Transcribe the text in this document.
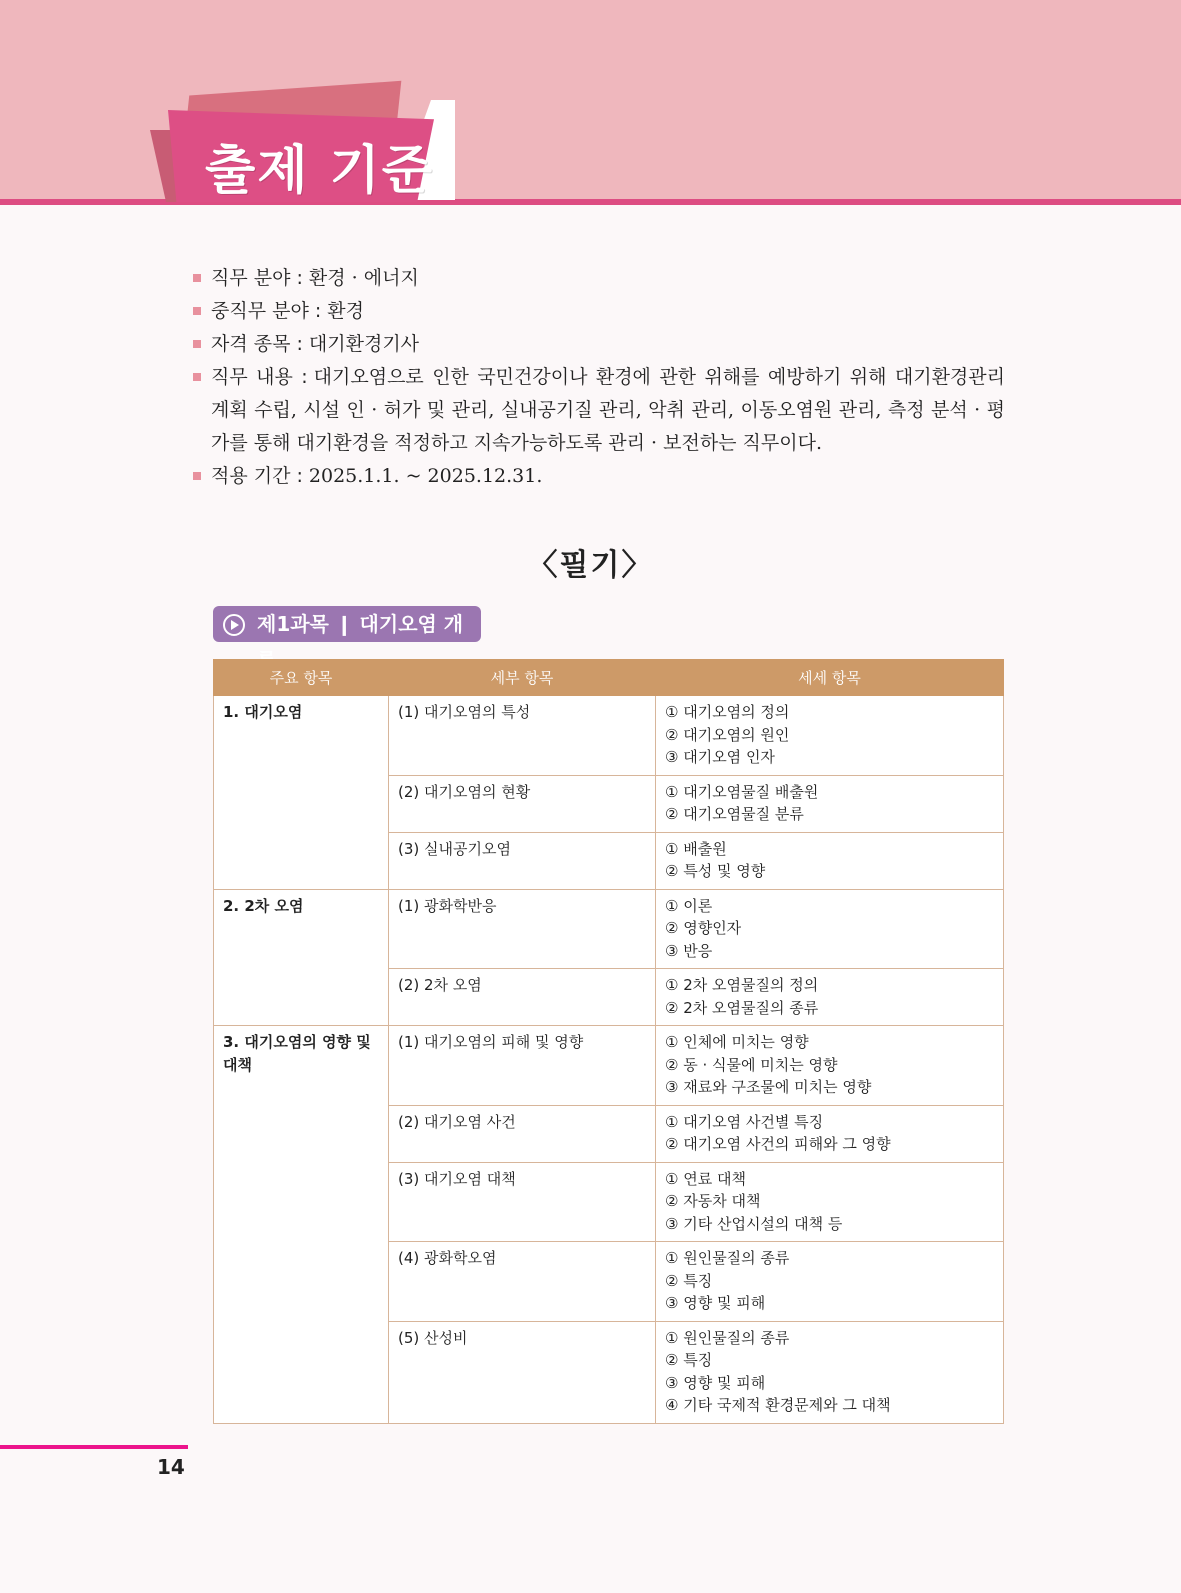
출제 기준
직무 분야 : 환경 · 에너지
중직무 분야 : 환경
자격 종목 : 대기환경기사
직무 내용 : 대기오염으로 인한 국민건강이나 환경에 관한 위해를 예방하기 위해 대기환경관리 계획 수립, 시설 인 · 허가 및 관리, 실내공기질 관리, 악취 관리, 이동오염원 관리, 측정 분석 · 평가를 통해 대기환경을 적정하고 지속가능하도록 관리 · 보전하는 직무이다.
적용 기간 : 2025.1.1. ~ 2025.12.31.
〈필기〉
제1과목 ❙ 대기오염 개
주요 항목	세부 항목	세세 항목

1. 대기오염	(1) 대기오염의 특성	① 대기오염의 정의
② 대기오염의 원인
③ 대기오염 인자

	(2) 대기오염의 현황	① 대기오염물질 배출원
② 대기오염물질 분류

	(3) 실내공기오염	① 배출원
② 특성 및 영향

2. 2차 오염	(1) 광화학반응	① 이론
② 영향인자
③ 반응

	(2) 2차 오염	① 2차 오염물질의 정의
② 2차 오염물질의 종류

3. 대기오염의 영향 및 대책	(1) 대기오염의 피해 및 영향	① 인체에 미치는 영향
② 동 · 식물에 미치는 영향
③ 재료와 구조물에 미치는 영향

	(2) 대기오염 사건	① 대기오염 사건별 특징
② 대기오염 사건의 피해와 그 영향

	(3) 대기오염 대책	① 연료 대책
② 자동차 대책
③ 기타 산업시설의 대책 등

	(4) 광화학오염	① 원인물질의 종류
② 특징
③ 영향 및 피해

	(5) 산성비	① 원인물질의 종류
② 특징
③ 영향 및 피해
④ 기타 국제적 환경문제와 그 대책
14
